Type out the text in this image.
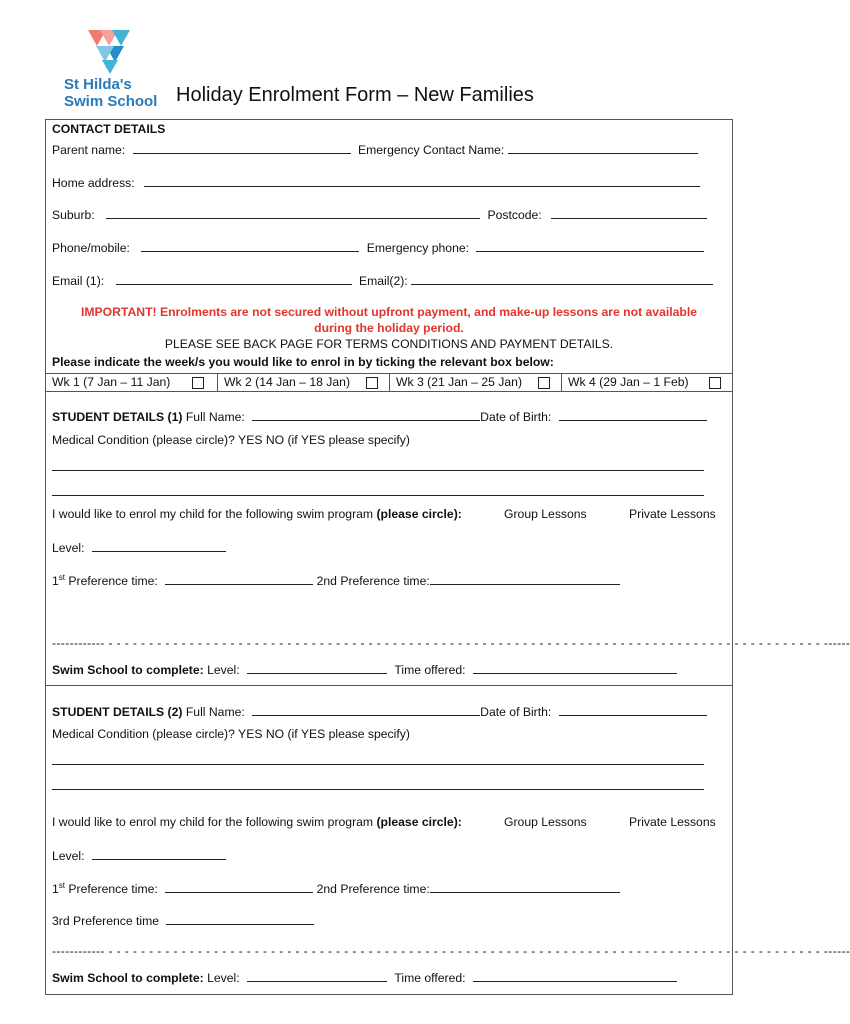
St Hilda's
Swim School Holiday Enrolment Form – New Families
CONTACT DETAILS
Parent name:	Emergency Contact Name:
Home address:
Suburb:	Postcode:
Phone/mobile:	Emergency phone:
Email (1):	Email(2):
IMPORTANT! Enrolments are not secured without upfront payment, and make-up lessons are not available
during the holiday period.
PLEASE SEE BACK PAGE FOR TERMS CONDITIONS AND PAYMENT DETAILS.
Please indicate the week/s you would like to enrol in by ticking the relevant box below:
Wk 1 (7 Jan – 11 Jan)	Wk 2 (14 Jan – 18 Jan)	Wk 3 (21 Jan – 25 Jan)	Wk 4 (29 Jan – 1 Feb)
STUDENT DETAILS (1) Full Name:	Date of Birth:
Medical Condition (please circle)? YES NO (if YES please specify)
I would like to enrol my child for the following swim program (please circle):	Group Lessons	Private Lessons
Level:
1st Preference time:	2nd Preference time:
------------ - - - - - - - - - - - - - - - - - - - - - - - - - - - - - - - - - - - - - - - - - - - - - - - - - - - - - - - - - - - - - - - - - - - - - - - - - - - - - - - - - - - - - - - - ------
Swim School to complete: Level:	Time offered:
STUDENT DETAILS (2) Full Name:	Date of Birth:
Medical Condition (please circle)? YES NO (if YES please specify)
I would like to enrol my child for the following swim program (please circle):	Group Lessons	Private Lessons
Level:
1st Preference time:	2nd Preference time:
3rd Preference time
------------ - - - - - - - - - - - - - - - - - - - - - - - - - - - - - - - - - - - - - - - - - - - - - - - - - - - - - - - - - - - - - - - - - - - - - - - - - - - - - - - - - - - - - - - - ------
Swim School to complete: Level:	Time offered:
